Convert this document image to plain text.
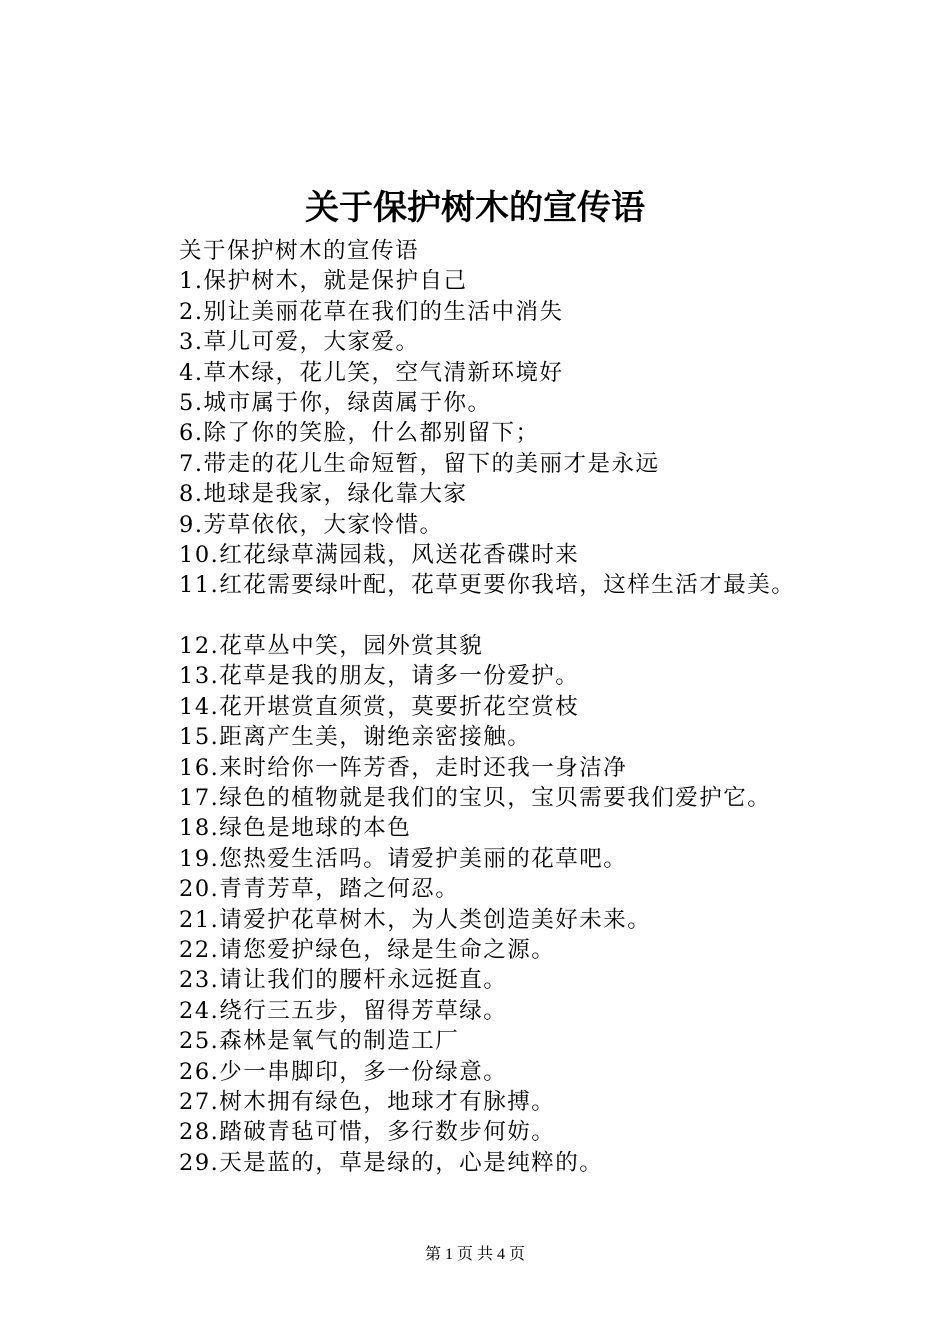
关于保护树木的宣传语
关于保护树木的宣传语
1.保护树木，就是保护自己
2.别让美丽花草在我们的生活中消失
3.草儿可爱，大家爱。
4.草木绿，花儿笑，空气清新环境好
5.城市属于你，绿茵属于你。
6.除了你的笑脸，什么都别留下；
7.带走的花儿生命短暂，留下的美丽才是永远
8.地球是我家，绿化靠大家
9.芳草依依，大家怜惜。
10.红花绿草满园栽，风送花香碟时来
11.红花需要绿叶配，花草更要你我培，这样生活才最美。
12.花草丛中笑，园外赏其貌
13.花草是我的朋友，请多一份爱护。
14.花开堪赏直须赏，莫要折花空赏枝
15.距离产生美，谢绝亲密接触。
16.来时给你一阵芳香，走时还我一身洁净
17.绿色的植物就是我们的宝贝，宝贝需要我们爱护它。
18.绿色是地球的本色
19.您热爱生活吗。请爱护美丽的花草吧。
20.青青芳草，踏之何忍。
21.请爱护花草树木，为人类创造美好未来。
22.请您爱护绿色，绿是生命之源。
23.请让我们的腰杆永远挺直。
24.绕行三五步，留得芳草绿。
25.森林是氧气的制造工厂
26.少一串脚印，多一份绿意。
27.树木拥有绿色，地球才有脉搏。
28.踏破青毡可惜，多行数步何妨。
29.天是蓝的，草是绿的，心是纯粹的。
第 1 页 共 4 页
